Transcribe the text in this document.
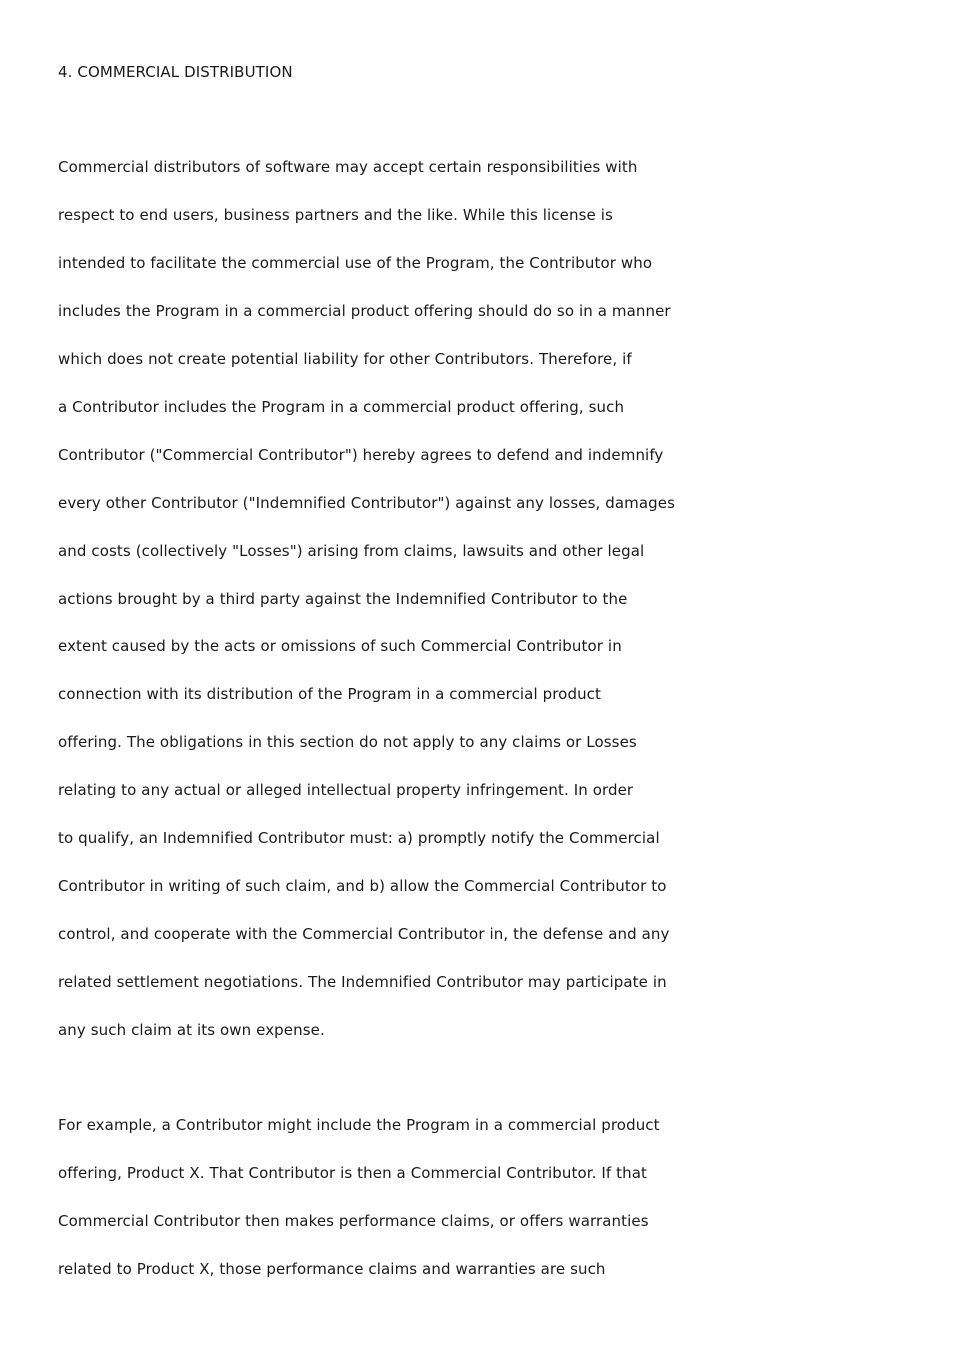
4. COMMERCIAL DISTRIBUTION
Commercial distributors of software may accept certain responsibilities with
respect to end users, business partners and the like. While this license is
intended to facilitate the commercial use of the Program, the Contributor who
includes the Program in a commercial product offering should do so in a manner
which does not create potential liability for other Contributors. Therefore, if
a Contributor includes the Program in a commercial product offering, such
Contributor ("Commercial Contributor") hereby agrees to defend and indemnify
every other Contributor ("Indemnified Contributor") against any losses, damages
and costs (collectively "Losses") arising from claims, lawsuits and other legal
actions brought by a third party against the Indemnified Contributor to the
extent caused by the acts or omissions of such Commercial Contributor in
connection with its distribution of the Program in a commercial product
offering. The obligations in this section do not apply to any claims or Losses
relating to any actual or alleged intellectual property infringement. In order
to qualify, an Indemnified Contributor must: a) promptly notify the Commercial
Contributor in writing of such claim, and b) allow the Commercial Contributor to
control, and cooperate with the Commercial Contributor in, the defense and any
related settlement negotiations. The Indemnified Contributor may participate in
any such claim at its own expense.
For example, a Contributor might include the Program in a commercial product
offering, Product X. That Contributor is then a Commercial Contributor. If that
Commercial Contributor then makes performance claims, or offers warranties
related to Product X, those performance claims and warranties are such
